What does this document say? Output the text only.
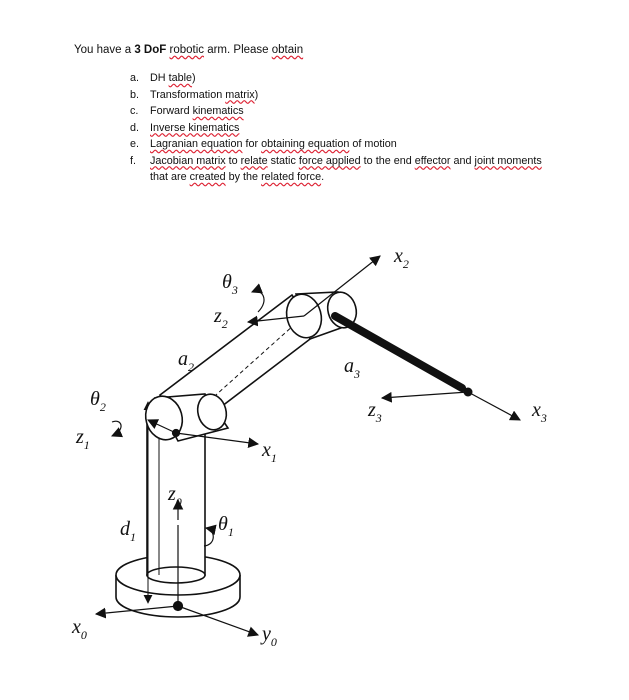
You have a 3 DoF robotic arm. Please obtain
a.	DH table)
b.	Transformation matrix)
c.	Forward kinematics
d.	Inverse kinematics
e.	Lagranian equation for obtaining equation of motion
f.	Jacobian matrix to relate static force applied to the end effector and joint moments that are created by the related force.
$x_0$	$y_0$
$z_0$
$\theta_1$
$d_1$
$x_1$
$z_1$
$\theta_2$
$a_2$
$z_2$
$\theta_3$
$x_2$
$a_3$
$z_3$	$x_3$
